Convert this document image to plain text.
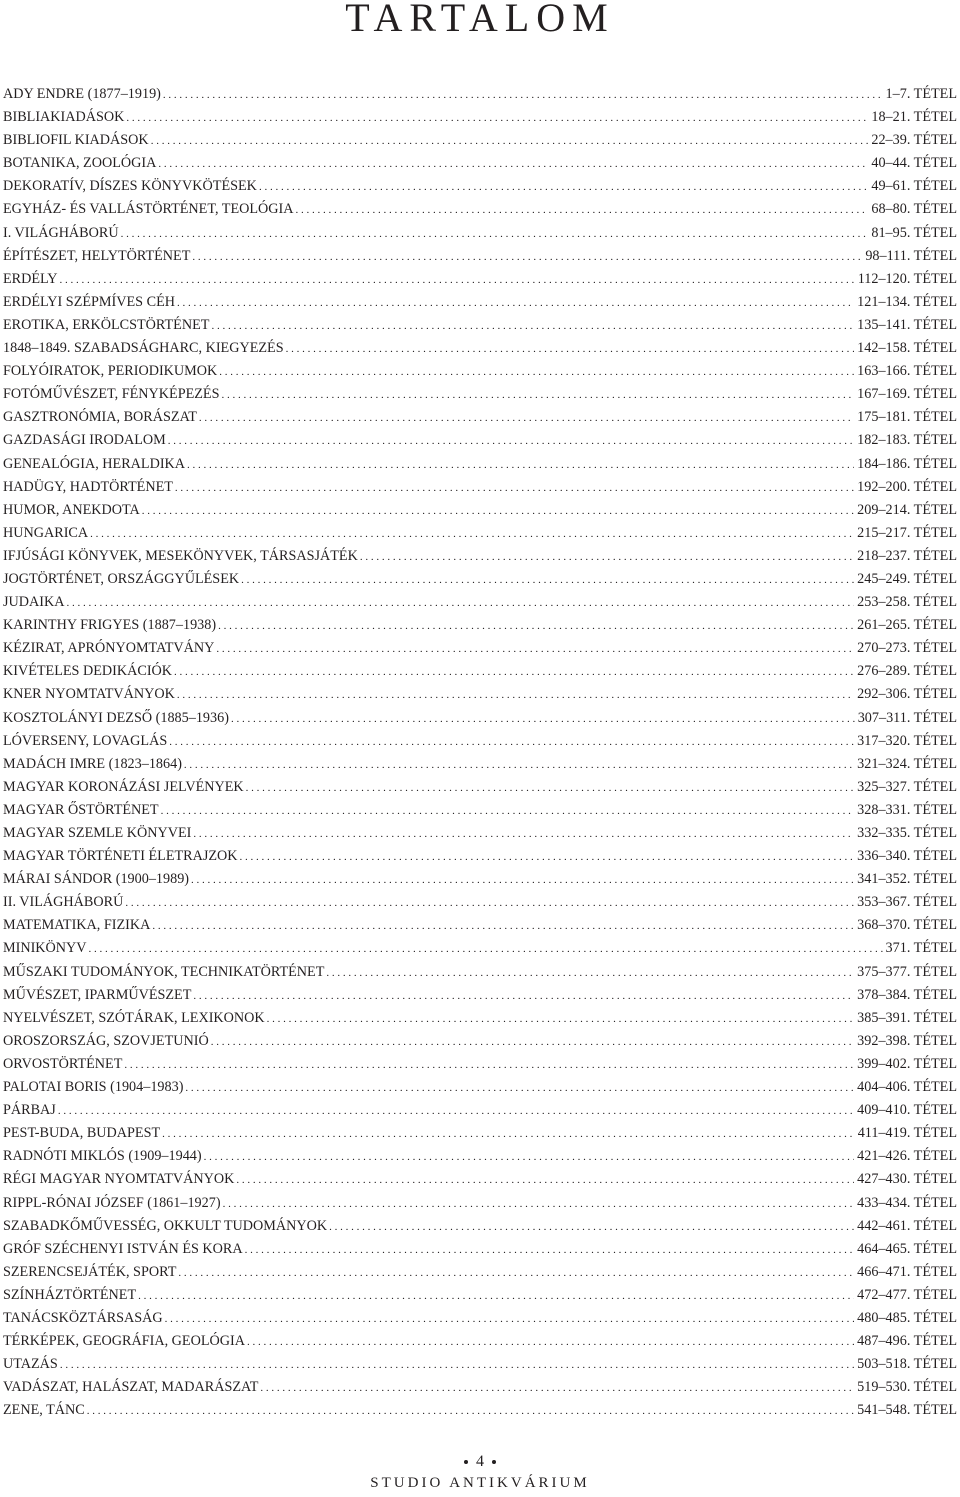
TARTALOM
ADY ENDRE (1877–1919) . . .	1–7. TÉTEL
BIBLIAKIADÁSOK . . .	18–21. TÉTEL
BIBLIOFIL KIADÁSOK . . .	22–39. TÉTEL
BOTANIKA, ZOOLÓGIA . . .	40–44. TÉTEL
DEKORATÍV, DÍSZES KÖNYVKÖTÉSEK . . .	49–61. TÉTEL
EGYHÁZ- ÉS VALLÁSTÖRTÉNET, TEOLÓGIA . . .	68–80. TÉTEL
I. VILÁGHÁBORÚ . . .	81–95. TÉTEL
ÉPÍTÉSZET, HELYTÖRTÉNET . . .	98–111. TÉTEL
ERDÉLY . . .	112–120. TÉTEL
ERDÉLYI SZÉPMÍVES CÉH . . .	121–134. TÉTEL
EROTIKA, ERKÖLCSTÖRTÉNET . . .	135–141. TÉTEL
1848–1849. SZABADSÁGHARC, KIEGYEZÉS . . .	142–158. TÉTEL
FOLYÓIRATOK, PERIODIKUMOK . . .	163–166. TÉTEL
FOTÓMŰVÉSZET, FÉNYKÉPEZÉS . . .	167–169. TÉTEL
GASZTRONÓMIA, BORÁSZAT . . .	175–181. TÉTEL
GAZDASÁGI IRODALOM . . .	182–183. TÉTEL
GENEALÓGIA, HERALDIKA . . .	184–186. TÉTEL
HADÜGY, HADTÖRTÉNET . . .	192–200. TÉTEL
HUMOR, ANEKDOTA . . .	209–214. TÉTEL
HUNGARICA . . .	215–217. TÉTEL
IFJÚSÁGI KÖNYVEK, MESEKÖNYVEK, TÁRSASJÁTÉK . . .	218–237. TÉTEL
JOGTÖRTÉNET, ORSZÁGGYŰLÉSEK . . .	245–249. TÉTEL
JUDAIKA . . .	253–258. TÉTEL
KARINTHY FRIGYES (1887–1938) . . .	261–265. TÉTEL
KÉZIRAT, APRÓNYOMTATVÁNY . . .	270–273. TÉTEL
KIVÉTELES DEDIKÁCIÓK . . .	276–289. TÉTEL
KNER NYOMTATVÁNYOK . . .	292–306. TÉTEL
KOSZTOLÁNYI DEZSŐ (1885–1936) . . .	307–311. TÉTEL
LÓVERSENY, LOVAGLÁS . . .	317–320. TÉTEL
MADÁCH IMRE (1823–1864) . . .	321–324. TÉTEL
MAGYAR KORONÁZÁSI JELVÉNYEK . . .	325–327. TÉTEL
MAGYAR ŐSTÖRTÉNET . . .	328–331. TÉTEL
MAGYAR SZEMLE KÖNYVEI . . .	332–335. TÉTEL
MAGYAR TÖRTÉNETI ÉLETRAJZOK . . .	336–340. TÉTEL
MÁRAI SÁNDOR (1900–1989) . . .	341–352. TÉTEL
II. VILÁGHÁBORÚ . . .	353–367. TÉTEL
MATEMATIKA, FIZIKA . . .	368–370. TÉTEL
MINIKÖNYV . . .	371. TÉTEL
MŰSZAKI TUDOMÁNYOK, TECHNIKATÖRTÉNET . . .	375–377. TÉTEL
MŰVÉSZET, IPARMŰVÉSZET . . .	378–384. TÉTEL
NYELVÉSZET, SZÓTÁRAK, LEXIKONOK . . .	385–391. TÉTEL
OROSZORSZÁG, SZOVJETUNIÓ . . .	392–398. TÉTEL
ORVOSTÖRTÉNET . . .	399–402. TÉTEL
PALOTAI BORIS (1904–1983) . . .	404–406. TÉTEL
PÁRBAJ . . .	409–410. TÉTEL
PEST-BUDA, BUDAPEST . . .	411–419. TÉTEL
RADNÓTI MIKLÓS (1909–1944) . . .	421–426. TÉTEL
RÉGI MAGYAR NYOMTATVÁNYOK . . .	427–430. TÉTEL
RIPPL-RÓNAI JÓZSEF (1861–1927) . . .	433–434. TÉTEL
SZABADKŐMŰVESSÉG, OKKULT TUDOMÁNYOK . . .	442–461. TÉTEL
GRÓF SZÉCHENYI ISTVÁN ÉS KORA . . .	464–465. TÉTEL
SZERENCSEJÁTÉK, SPORT . . .	466–471. TÉTEL
SZÍNHÁZTÖRTÉNET . . .	472–477. TÉTEL
TANÁCSKÖZTÁRSASÁG . . .	480–485. TÉTEL
TÉRKÉPEK, GEOGRÁFIA, GEOLÓGIA . . .	487–496. TÉTEL
UTAZÁS . . .	503–518. TÉTEL
VADÁSZAT, HALÁSZAT, MADARÁSZAT . . .	519–530. TÉTEL
ZENE, TÁNC . . .	541–548. TÉTEL
4
STUDIO ANTIKVÁRIUM
